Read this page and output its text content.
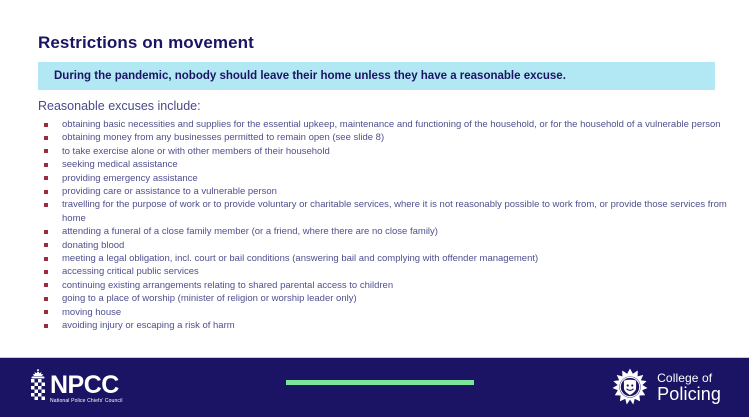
Restrictions on movement
During the pandemic, nobody should leave their home unless they have a reasonable excuse.
Reasonable excuses include:
obtaining basic necessities and supplies for the essential upkeep, maintenance and functioning of the household, or for the household of a vulnerable person
obtaining money from any businesses permitted to remain open (see slide 8)
to take exercise alone or with other members of their household
seeking medical assistance
providing emergency assistance
providing care or assistance to a vulnerable person
travelling for the purpose of work or to provide voluntary or charitable services, where it is not reasonably possible to work from, or provide those services from home
attending a funeral of a close family member (or a friend, where there are no close family)
donating blood
meeting a legal obligation, incl. court or bail conditions (answering bail and complying with offender management)
accessing critical public services
continuing existing arrangements relating to shared parental access to children
going to a place of worship (minister of religion or worship leader only)
moving house
avoiding injury or escaping a risk of harm
NPCC
National Police Chiefs' Council
College of
Policing
